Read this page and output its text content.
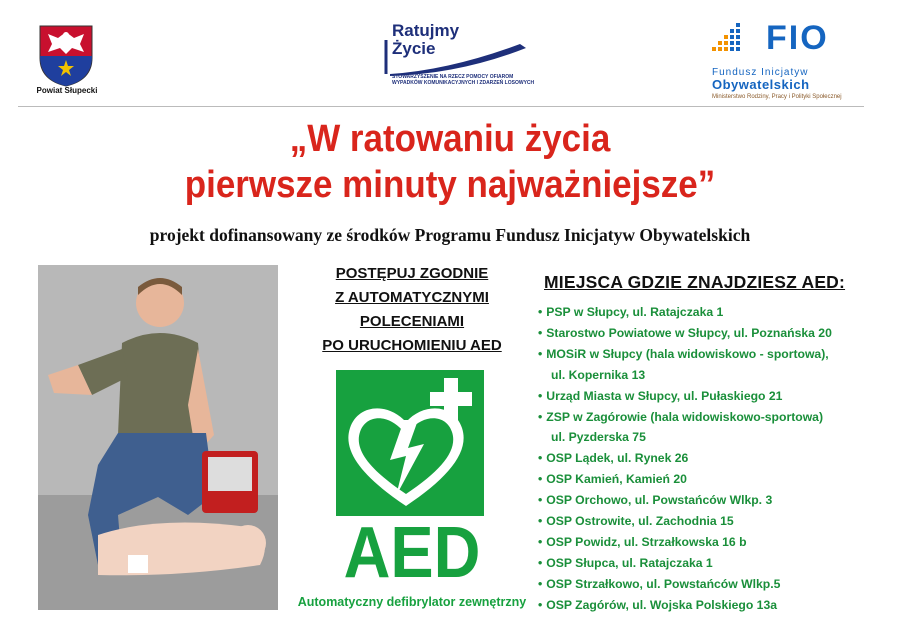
Powiat Słupecki
Ratujmy
Życie
SŁUPCA
STOWARZYSZENIE NA RZECZ POMOCY OFIAROM WYPADKÓW KOMUNIKACYJNYCH I ZDARZEŃ LOSOWYCH
FIO
Fundusz Inicjatyw
Obywatelskich
Ministerstwo Rodziny, Pracy i Polityki Społecznej
„W ratowaniu życia
pierwsze minuty najważniejsze”
projekt dofinansowany ze środków Programu Fundusz Inicjatyw Obywatelskich
POSTĘPUJ ZGODNIE
Z AUTOMATYCZNYMI
POLECENIAMI
PO URUCHOMIENIU AED
AED
Automatyczny defibrylator zewnętrzny
MIEJSCA GDZIE ZNAJDZIESZ AED:
• PSP w Słupcy, ul. Ratajczaka 1
• Starostwo Powiatowe w Słupcy, ul. Poznańska 20
• MOSiR w Słupcy (hala widowiskowo - sportowa),
ul. Kopernika 13
• Urząd Miasta w Słupcy, ul. Pułaskiego 21
• ZSP w Zagórowie (hala widowiskowo-sportowa)
ul. Pyzderska 75
• OSP Lądek, ul. Rynek 26
• OSP Kamień, Kamień 20
• OSP Orchowo, ul. Powstańców Wlkp. 3
• OSP Ostrowite, ul. Zachodnia 15
• OSP Powidz, ul. Strzałkowska 16 b
• OSP Słupca, ul. Ratajczaka 1
• OSP Strzałkowo, ul. Powstańców Wlkp.5
• OSP Zagórów, ul. Wojska Polskiego 13a
